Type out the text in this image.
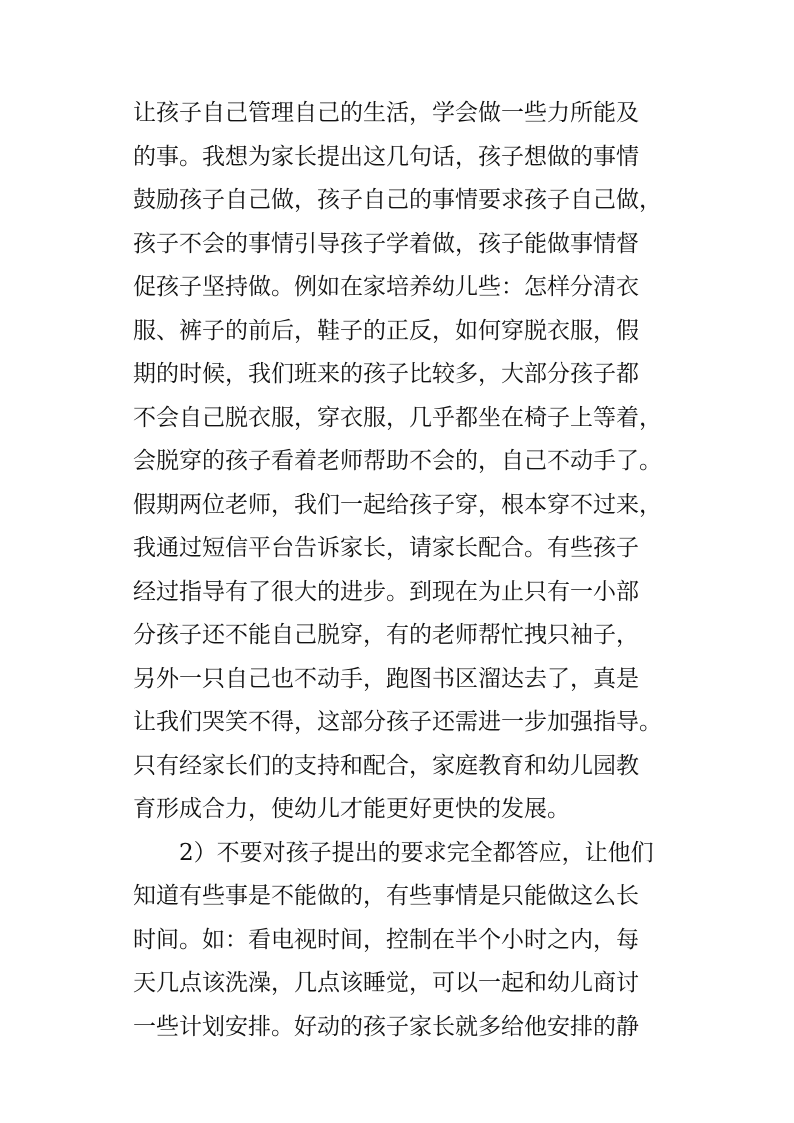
让孩子自己管理自己的生活，学会做一些力所能及
的事。我想为家长提出这几句话，孩子想做的事情
鼓励孩子自己做，孩子自己的事情要求孩子自己做，
孩子不会的事情引导孩子学着做，孩子能做事情督
促孩子坚持做。例如在家培养幼儿些：怎样分清衣
服、裤子的前后，鞋子的正反，如何穿脱衣服，假
期的时候，我们班来的孩子比较多，大部分孩子都
不会自己脱衣服，穿衣服，几乎都坐在椅子上等着，
会脱穿的孩子看着老师帮助不会的，自己不动手了。
假期两位老师，我们一起给孩子穿，根本穿不过来，
我通过短信平台告诉家长，请家长配合。有些孩子
经过指导有了很大的进步。到现在为止只有一小部
分孩子还不能自己脱穿，有的老师帮忙拽只袖子，
另外一只自己也不动手，跑图书区溜达去了，真是
让我们哭笑不得，这部分孩子还需进一步加强指导。
只有经家长们的支持和配合，家庭教育和幼儿园教
育形成合力，使幼儿才能更好更快的发展。
2）不要对孩子提出的要求完全都答应，让他们
知道有些事是不能做的，有些事情是只能做这么长
时间。如：看电视时间，控制在半个小时之内，每
天几点该洗澡，几点该睡觉，可以一起和幼儿商讨
一些计划安排。好动的孩子家长就多给他安排的静
